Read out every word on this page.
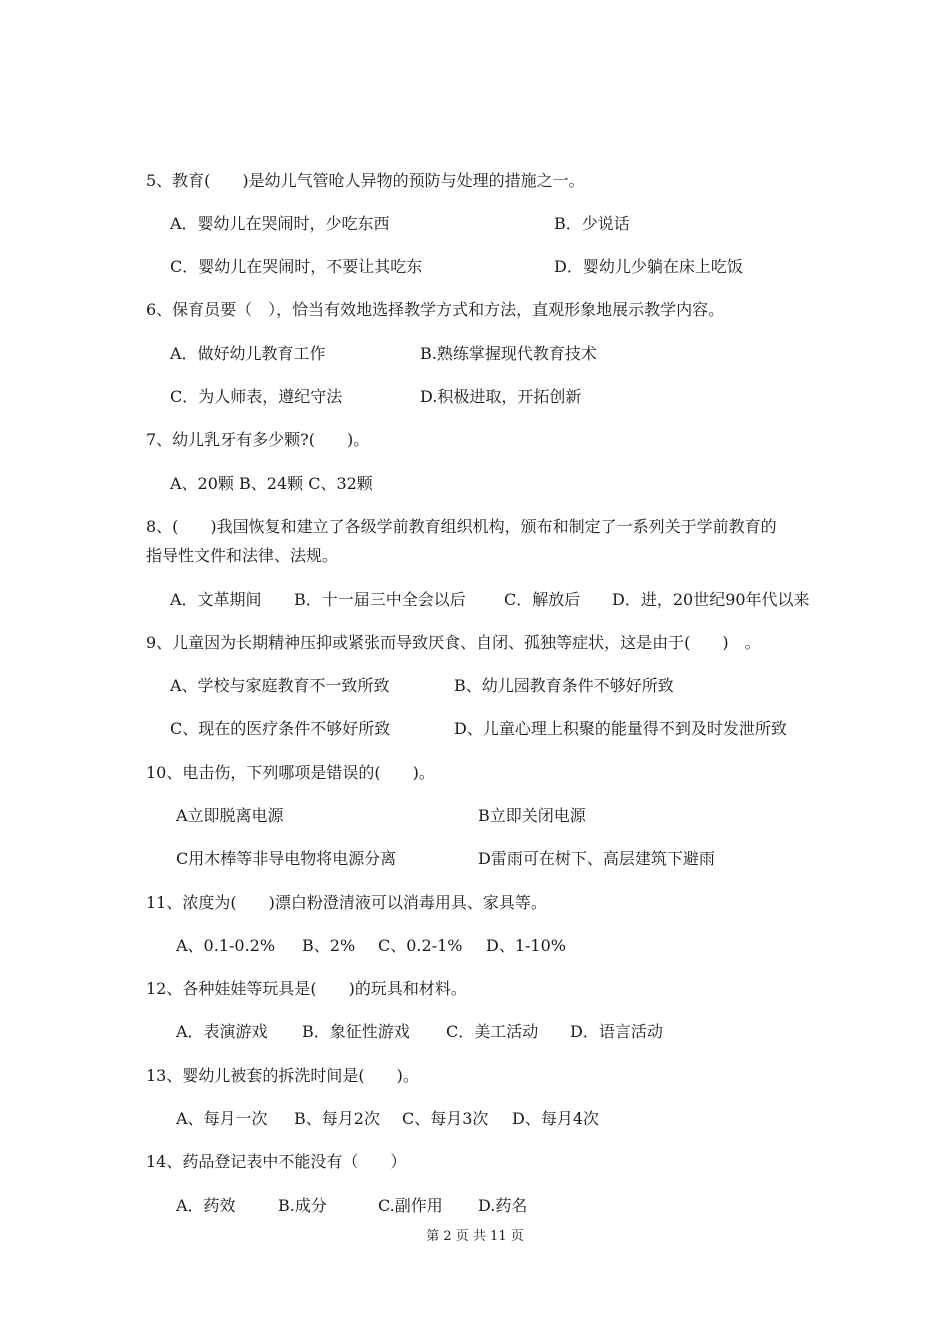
5、教育(　　)是幼儿气管呛人异物的预防与处理的措施之一。
A．婴幼儿在哭闹时，少吃东西	B．少说话
C．婴幼儿在哭闹时，不要让其吃东	D．婴幼儿少躺在床上吃饭
6、保育员要（　），恰当有效地选择教学方式和方法，直观形象地展示教学内容。
A．做好幼儿教育工作	B.熟练掌握现代教育技术
C．为人师表，遵纪守法	D.积极进取，开拓创新
7、幼儿乳牙有多少颗?(　　)。
A、20颗 B、24颗 C、32颗
8、(　　)我国恢复和建立了各级学前教育组织机构，颁布和制定了一系列关于学前教育的
指导性文件和法律、法规。
A．文革期间 B．十一届三中全会以后 C．解放后 D．进，20世纪90年代以来
9、儿童因为长期精神压抑或紧张而导致厌食、自闭、孤独等症状，这是由于(　　)　。
A、学校与家庭教育不一致所致	B、幼儿园教育条件不够好所致
C、现在的医疗条件不够好所致	D、儿童心理上积聚的能量得不到及时发泄所致
10、电击伤，下列哪项是错误的(　　)。
A立即脱离电源	B立即关闭电源
C用木棒等非导电物将电源分离	D雷雨可在树下、高层建筑下避雨
11、浓度为(　　)漂白粉澄清液可以消毒用具、家具等。
A、0.1-0.2% B、2% C、0.2-1% D、1-10%
12、各种娃娃等玩具是(　　)的玩具和材料。
A．表演游戏 B．象征性游戏 C．美工活动 D．语言活动
13、婴幼儿被套的拆洗时间是(　　)。
A、每月一次 B、每月2次 C、每月3次 D、每月4次
14、药品登记表中不能没有（　　）
A．药效	B.成分	C.副作用 D.药名
第 2 页 共 11 页
